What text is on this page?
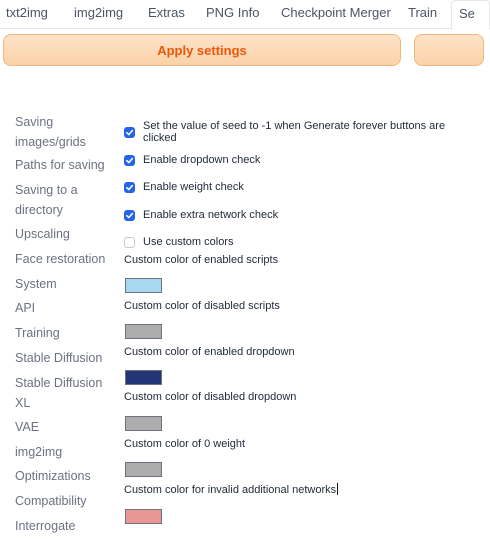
txt2img img2img Extras PNG Info Checkpoint Merger Train	Se
Apply settings
Saving images/grids
Paths for saving
Saving to a directory
Upscaling
Face restoration
System
API
Training
Stable Diffusion
Stable Diffusion XL
VAE
img2img
Optimizations
Compatibility
Interrogate
Set the value of seed to -1 when Generate forever buttons are clicked
Enable dropdown check
Enable weight check
Enable extra network check
Use custom colors
Custom color of enabled scripts
Custom color of disabled scripts
Custom color of enabled dropdown
Custom color of disabled dropdown
Custom color of 0 weight
Custom color for invalid additional networks
